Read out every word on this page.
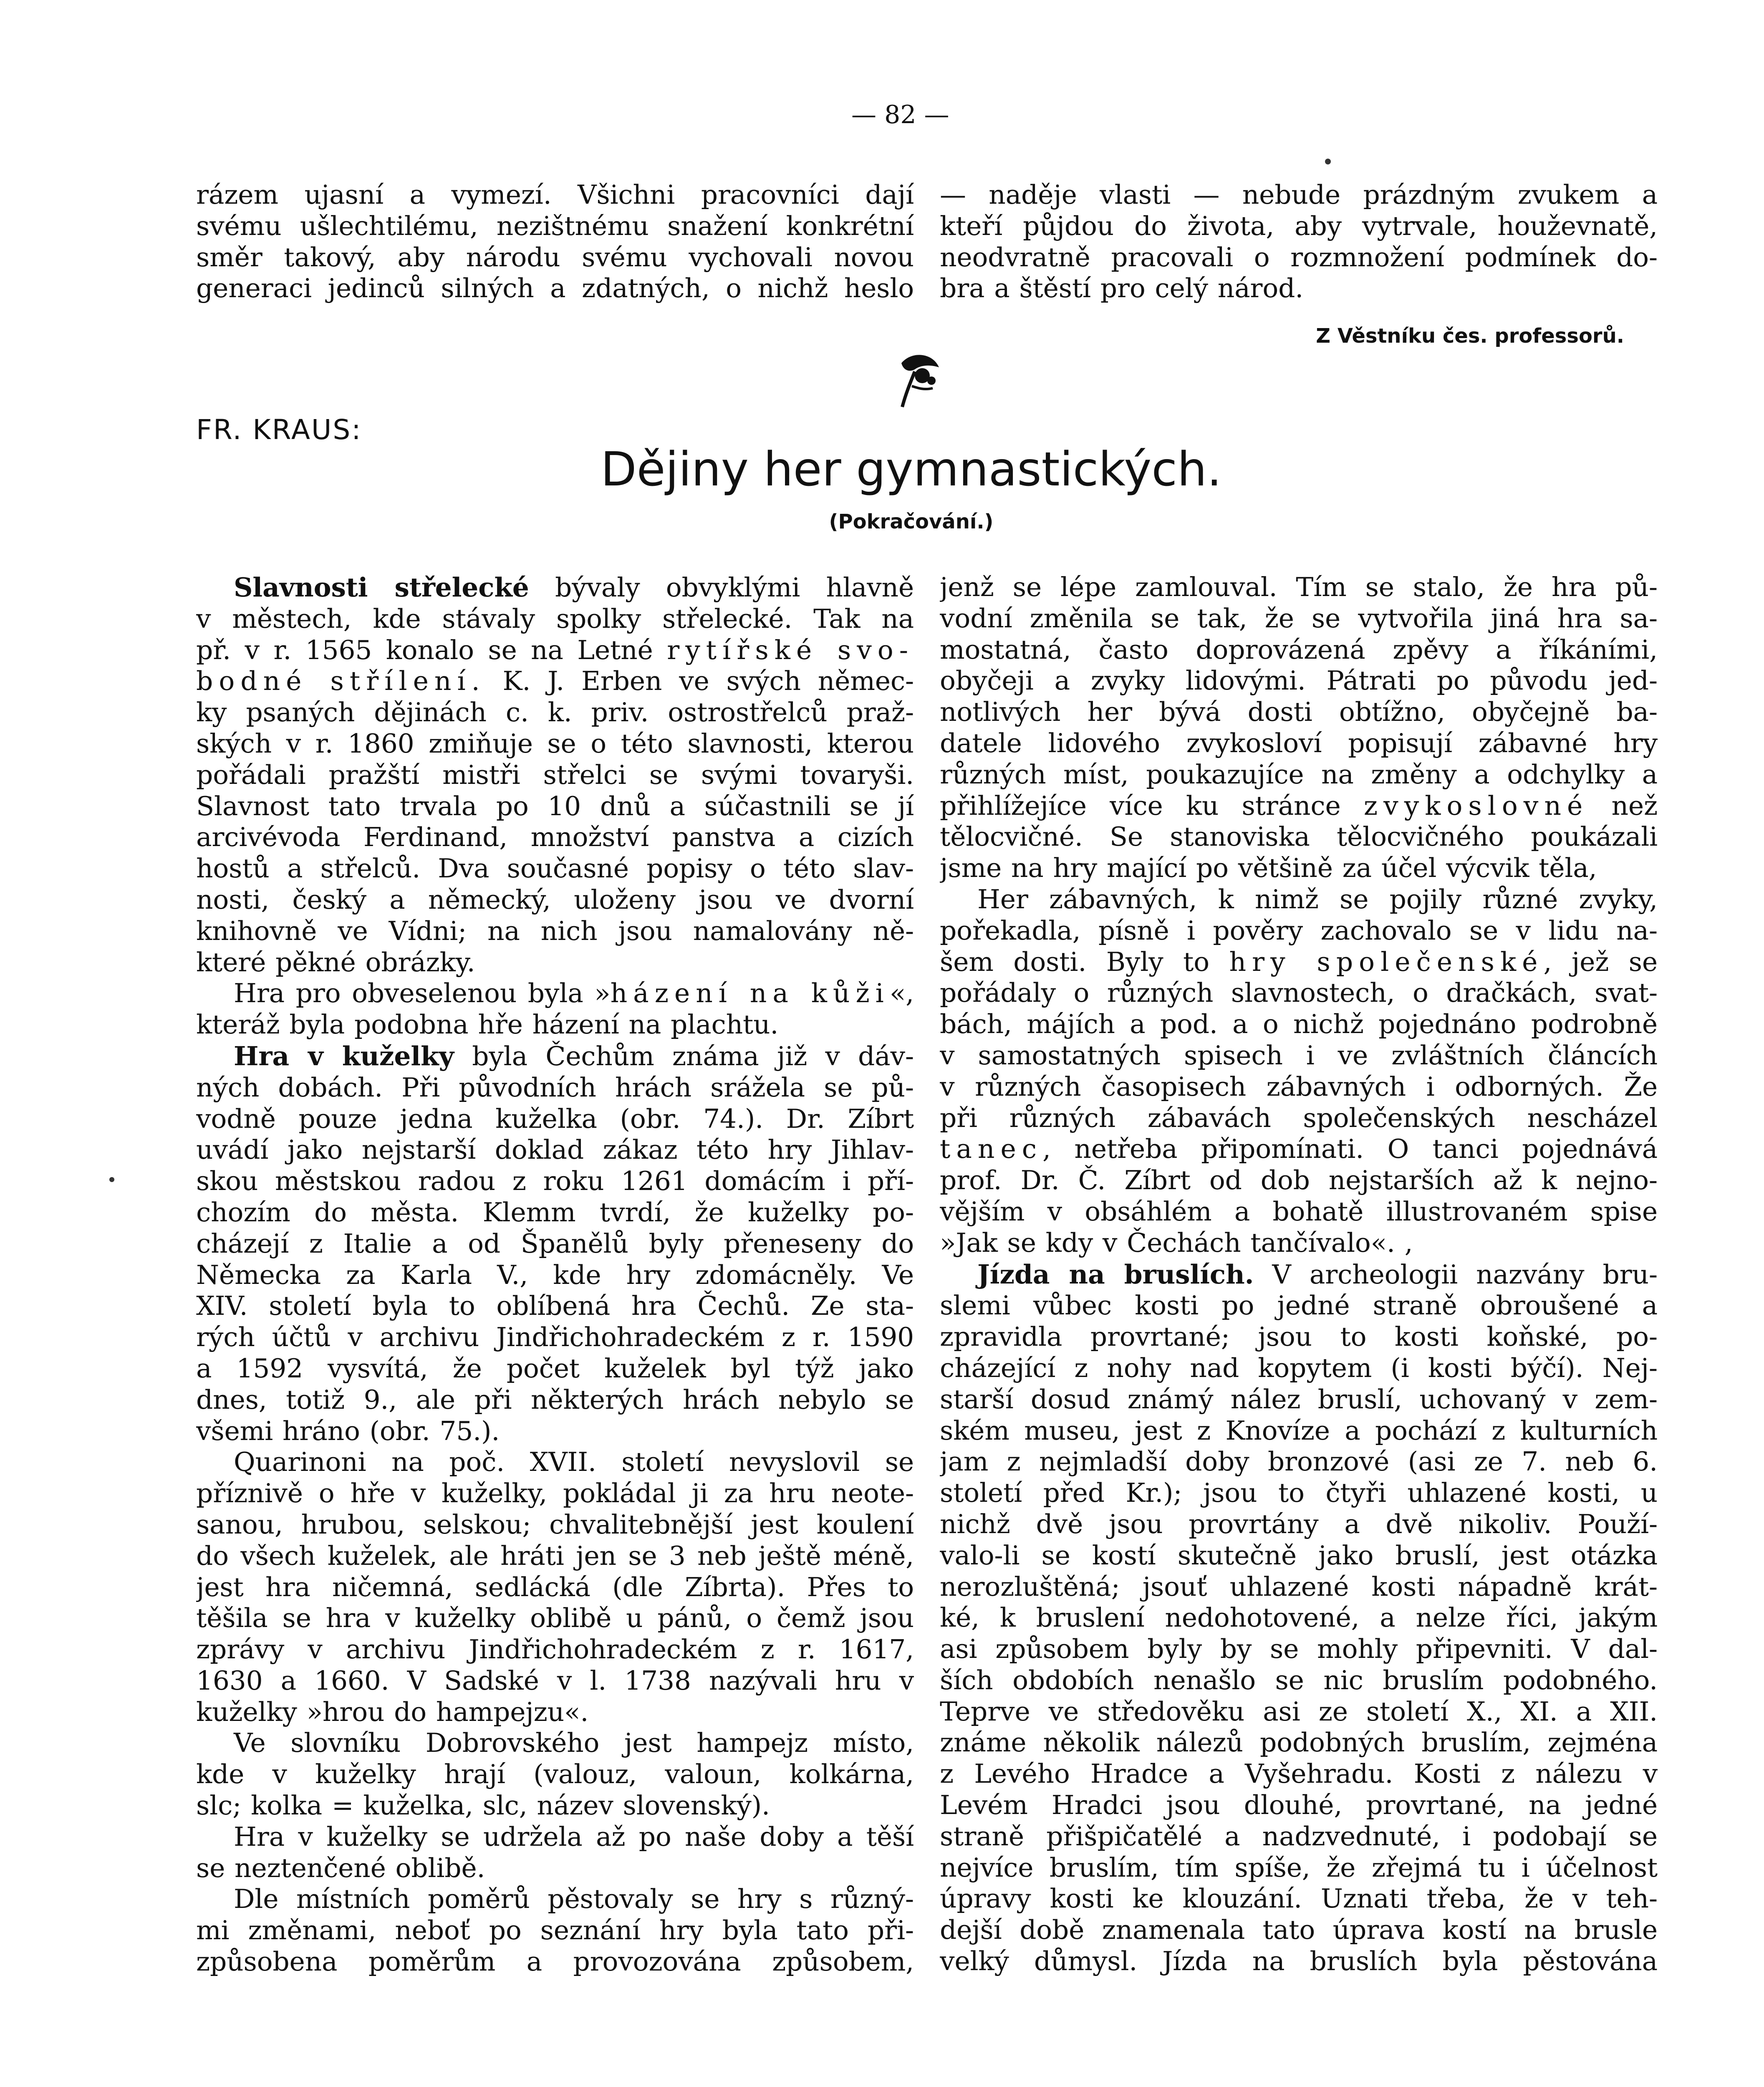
— 82 —
rázem ujasní a vymezí. Všichni pracovníci dají
svému ušlechtilému, nezištnému snažení konkrétní
směr takový, aby národu svému vychovali novou
generaci jedinců silných a zdatných, o nichž heslo
— naděje vlasti — nebude prázdným zvukem a
kteří půjdou do života, aby vytrvale, houževnatě,
neodvratně pracovali o rozmnožení podmínek do-
bra a štěstí pro celý národ.
Z Věstníku čes. professorů.
FR. KRAUS:
Dějiny her gymnastických.
(Pokračování.)
Slavnosti střelecké bývaly obvyklými hlavně
v městech, kde stávaly spolky střelecké. Tak na
př. v r. 1565 konalo se na Letné rytířské svo-
bodné střílení. K. J. Erben ve svých němec-
ky psaných dějinách c. k. priv. ostrostřelců praž-
ských v r. 1860 zmiňuje se o této slavnosti, kterou
pořádali pražští mistři střelci se svými tovaryši.
Slavnost tato trvala po 10 dnů a súčastnili se jí
arcivévoda Ferdinand, množství panstva a cizích
hostů a střelců. Dva současné popisy o této slav-
nosti, český a německý, uloženy jsou ve dvorní
knihovně ve Vídni; na nich jsou namalovány ně-
které pěkné obrázky.
Hra pro obveselenou byla »házení na kůži«,
kteráž byla podobna hře házení na plachtu.
Hra v kuželky byla Čechům známa již v dáv-
ných dobách. Při původních hrách srážela se pů-
vodně pouze jedna kuželka (obr. 74.). Dr. Zíbrt
uvádí jako nejstarší doklad zákaz této hry Jihlav-
skou městskou radou z roku 1261 domácím i pří-
chozím do města. Klemm tvrdí, že kuželky po-
cházejí z Italie a od Španělů byly přeneseny do
Německa za Karla V., kde hry zdomácněly. Ve
XIV. století byla to oblíbená hra Čechů. Ze sta-
rých účtů v archivu Jindřichohradeckém z r. 1590
a 1592 vysvítá, že počet kuželek byl týž jako
dnes, totiž 9., ale při některých hrách nebylo se
všemi hráno (obr. 75.).
Quarinoni na poč. XVII. století nevyslovil se
příznivě o hře v kuželky, pokládal ji za hru neote-
sanou, hrubou, selskou; chvalitebnější jest koulení
do všech kuželek, ale hráti jen se 3 neb ještě méně,
jest hra ničemná, sedlácká (dle Zíbrta). Přes to
těšila se hra v kuželky oblibě u pánů, o čemž jsou
zprávy v archivu Jindřichohradeckém z r. 1617,
1630 a 1660. V Sadské v l. 1738 nazývali hru v
kuželky »hrou do hampejzu«.
Ve slovníku Dobrovského jest hampejz místo,
kde v kuželky hrají (valouz, valoun, kolkárna,
slc; kolka = kuželka, slc, název slovenský).
Hra v kuželky se udržela až po naše doby a těší
se neztenčené oblibě.
Dle místních poměrů pěstovaly se hry s různý-
mi změnami, neboť po seznání hry byla tato při-
způsobena poměrům a provozována způsobem,
jenž se lépe zamlouval. Tím se stalo, že hra pů-
vodní změnila se tak, že se vytvořila jiná hra sa-
mostatná, často doprovázená zpěvy a říkáními,
obyčeji a zvyky lidovými. Pátrati po původu jed-
notlivých her bývá dosti obtížno, obyčejně ba-
datele lidového zvykosloví popisují zábavné hry
různých míst, poukazujíce na změny a odchylky a
přihlížejíce více ku stránce zvykoslovné než
tělocvičné. Se stanoviska tělocvičného poukázali
jsme na hry mající po většině za účel výcvik těla,
Her zábavných, k nimž se pojily různé zvyky,
pořekadla, písně i pověry zachovalo se v lidu na-
šem dosti. Byly to hry společenské, jež se
pořádaly o různých slavnostech, o dračkách, svat-
bách, májích a pod. a o nichž pojednáno podrobně
v samostatných spisech i ve zvláštních článcích
v různých časopisech zábavných i odborných. Že
při různých zábavách společenských nescházel
tanec, netřeba připomínati. O tanci pojednává
prof. Dr. Č. Zíbrt od dob nejstarších až k nejno-
vějším v obsáhlém a bohatě illustrovaném spise
»Jak se kdy v Čechách tančívalo«. ,
Jízda na bruslích. V archeologii nazvány bru-
slemi vůbec kosti po jedné straně obroušené a
zpravidla provrtané; jsou to kosti koňské, po-
cházející z nohy nad kopytem (i kosti býčí). Nej-
starší dosud známý nález bruslí, uchovaný v zem-
ském museu, jest z Knovíze a pochází z kulturních
jam z nejmladší doby bronzové (asi ze 7. neb 6.
století před Kr.); jsou to čtyři uhlazené kosti, u
nichž dvě jsou provrtány a dvě nikoliv. Použí-
valo-li se kostí skutečně jako bruslí, jest otázka
nerozluštěná; jsouť uhlazené kosti nápadně krát-
ké, k bruslení nedohotovené, a nelze říci, jakým
asi způsobem byly by se mohly připevniti. V dal-
ších obdobích nenašlo se nic bruslím podobného.
Teprve ve středověku asi ze století X., XI. a XII.
známe několik nálezů podobných bruslím, zejména
z Levého Hradce a Vyšehradu. Kosti z nálezu v
Levém Hradci jsou dlouhé, provrtané, na jedné
straně přišpičatělé a nadzvednuté, i podobají se
nejvíce bruslím, tím spíše, že zřejmá tu i účelnost
úpravy kosti ke klouzání. Uznati třeba, že v teh-
dejší době znamenala tato úprava kostí na brusle
velký důmysl. Jízda na bruslích byla pěstována
